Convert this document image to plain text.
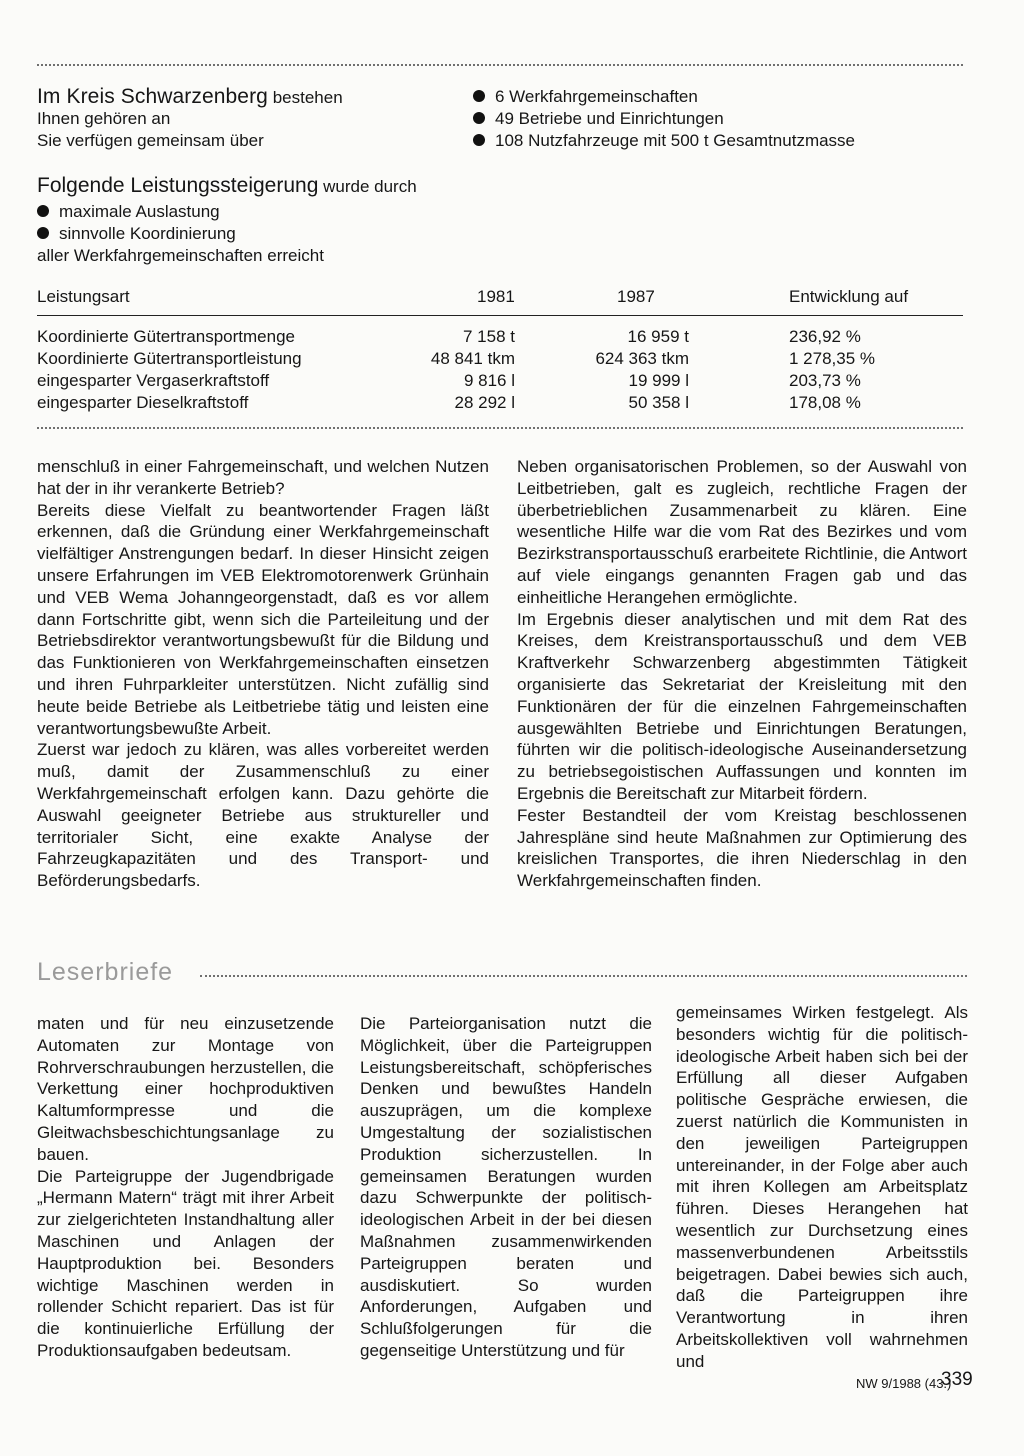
Im Kreis Schwarzenberg bestehen
Ihnen gehören an
Sie verfügen gemeinsam über
6 Werkfahrgemeinschaften
49 Betriebe und Einrichtungen
108 Nutzfahrzeuge mit 500 t Gesamtnutzmasse
Folgende Leistungssteigerung wurde durch
maximale Auslastung
sinnvolle Koordinierung
aller Werkfahrgemeinschaften erreicht
Leistungsart	1981	1987	Entwicklung auf
Koordinierte Gütertransportmenge	7 158 t	16 959 t	236,92 %
Koordinierte Gütertransportleistung	48 841 tkm	624 363 tkm	1 278,35 %
eingesparter Vergaserkraftstoff	9 816 l	19 999 l	203,73 %
eingesparter Dieselkraftstoff	28 292 l	50 358 l	178,08 %

menschluß in einer Fahrgemeinschaft, und welchen Nutzen hat der in ihr verankerte Betrieb?

Bereits diese Vielfalt zu beantwortender Fragen läßt erkennen, daß die Gründung einer Werkfahrgemeinschaft vielfältiger Anstrengungen bedarf. In dieser Hinsicht zeigen unsere Erfahrungen im VEB Elektromotorenwerk Grünhain und VEB Wema Johanngeorgenstadt, daß es vor allem dann Fortschritte gibt, wenn sich die Parteileitung und der Betriebsdirektor verantwortungsbewußt für die Bildung und das Funktionieren von Werkfahrgemeinschaften einsetzen und ihren Fuhrparkleiter unterstützen. Nicht zufällig sind heute beide Betriebe als Leitbetriebe tätig und leisten eine verantwortungsbewußte Arbeit.

Zuerst war jedoch zu klären, was alles vorbereitet werden muß, damit der Zusammenschluß zu einer Werkfahrgemeinschaft erfolgen kann. Dazu gehörte die Auswahl geeigneter Betriebe aus struktureller und territorialer Sicht, eine exakte Analyse der Fahrzeugkapazitäten und des Transport- und Beförderungsbedarfs.

Neben organisatorischen Problemen, so der Auswahl von Leitbetrieben, galt es zugleich, rechtliche Fragen der überbetrieblichen Zusammenarbeit zu klären. Eine wesentliche Hilfe war die vom Rat des Bezirkes und vom Bezirkstransportausschuß erarbeitete Richtlinie, die Antwort auf viele eingangs genannten Fragen gab und das einheitliche Herangehen ermöglichte.

Im Ergebnis dieser analytischen und mit dem Rat des Kreises, dem Kreistransportausschuß und dem VEB Kraftverkehr Schwarzenberg abgestimmten Tätigkeit organisierte das Sekretariat der Kreisleitung mit den Funktionären der für die einzelnen Fahrgemeinschaften ausgewählten Betriebe und Einrichtungen Beratungen, führten wir die politisch-ideologische Auseinandersetzung zu betriebsegoistischen Auffassungen und konnten im Ergebnis die Bereitschaft zur Mitarbeit fördern.

Fester Bestandteil der vom Kreistag beschlossenen Jahrespläne sind heute Maßnahmen zur Optimierung des kreislichen Transportes, die ihren Niederschlag in den Werkfahrgemeinschaften finden.

Leserbriefe

maten und für neu einzusetzende Automaten zur Montage von Rohrverschraubungen herzustellen, die Verkettung einer hochproduktiven Kaltumformpresse und die Gleitwachsbeschichtungsanlage zu bauen.

Die Parteigruppe der Jugendbrigade „Hermann Matern“ trägt mit ihrer Arbeit zur zielgerichteten Instandhaltung aller Maschinen und Anlagen der Hauptproduktion bei. Besonders wichtige Maschinen werden in rollender Schicht repariert. Das ist für die kontinuierliche Erfüllung der Produktionsaufgaben bedeutsam.

Die Parteiorganisation nutzt die Möglichkeit, über die Parteigruppen Leistungsbereitschaft, schöpferisches Denken und bewußtes Handeln auszuprägen, um die komplexe Umgestaltung der sozialistischen Produktion sicherzustellen. In gemeinsamen Beratungen wurden dazu Schwerpunkte der politisch-ideologischen Arbeit in der bei diesen Maßnahmen zusammenwirkenden Parteigruppen beraten und ausdiskutiert. So wurden Anforderungen, Aufgaben und Schlußfolgerungen für die gegenseitige Unterstützung und für

gemeinsames Wirken festgelegt. Als besonders wichtig für die politisch-ideologische Arbeit haben sich bei der Erfüllung all dieser Aufgaben politische Gespräche erwiesen, die zuerst natürlich die Kommunisten in den jeweiligen Parteigruppen untereinander, in der Folge aber auch mit ihren Kollegen am Arbeitsplatz führen. Dieses Herangehen hat wesentlich zur Durchsetzung eines massenverbundenen Arbeitsstils beigetragen. Dabei bewies sich auch, daß die Parteigruppen ihre Verantwortung in ihren Arbeitskollektiven voll wahrnehmen und

NW 9/1988 (43.)
339
